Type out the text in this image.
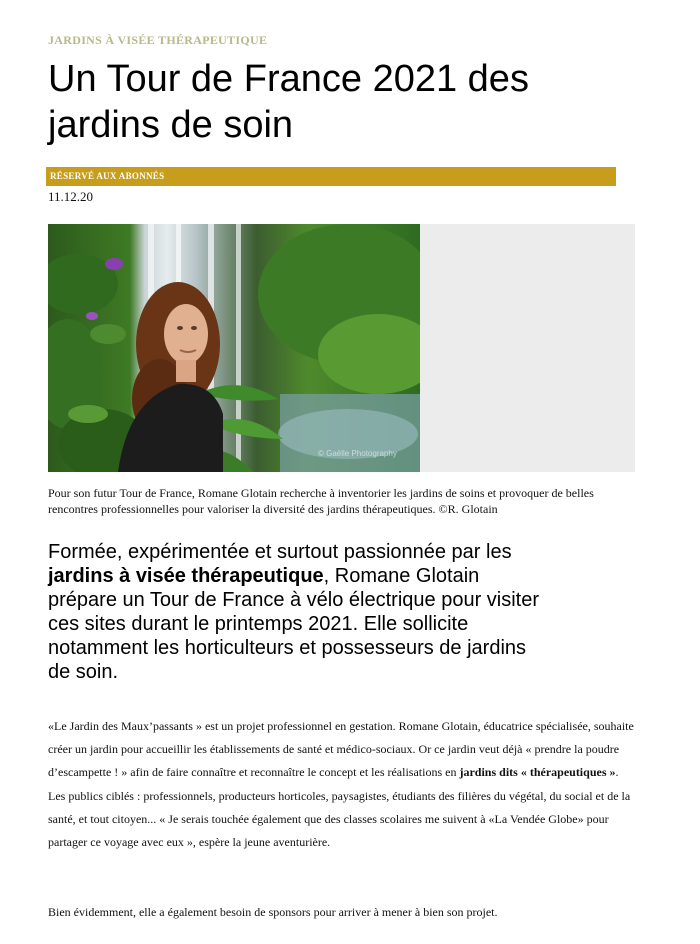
JARDINS À VISÉE THÉRAPEUTIQUE
Un Tour de France 2021 des jardins de soin
RÉSERVÉ AUX ABONNÉS
11.12.20
© Gaëlle Photography

Pour son futur Tour de France, Romane Glotain recherche à inventorier les jardins de soins et provoquer de belles rencontres professionnelles pour valoriser la diversité des jardins thérapeutiques. ©R. Glotain

Formée, expérimentée et surtout passionnée par les jardins à visée thérapeutique, Romane Glotain prépare un Tour de France à vélo électrique pour visiter ces sites durant le printemps 2021. Elle sollicite notamment les horticulteurs et possesseurs de jardins de soin.

«Le Jardin des Maux’passants » est un projet professionnel en gestation. Romane Glotain, éducatrice spécialisée, souhaite créer un jardin pour accueillir les établissements de santé et médico-sociaux. Or ce jardin veut déjà « prendre la poudre d’escampette ! » afin de faire connaître et reconnaître le concept et les réalisations en jardins dits « thérapeutiques ». Les publics ciblés : professionnels, producteurs horticoles, paysagistes, étudiants des filières du végétal, du social et de la santé, et tout citoyen... « Je serais touchée également que des classes scolaires me suivent à «La Vendée Globe» pour partager ce voyage avec eux », espère la jeune aventurière.

Bien évidemment, elle a également besoin de sponsors pour arriver à mener à bien son projet.
